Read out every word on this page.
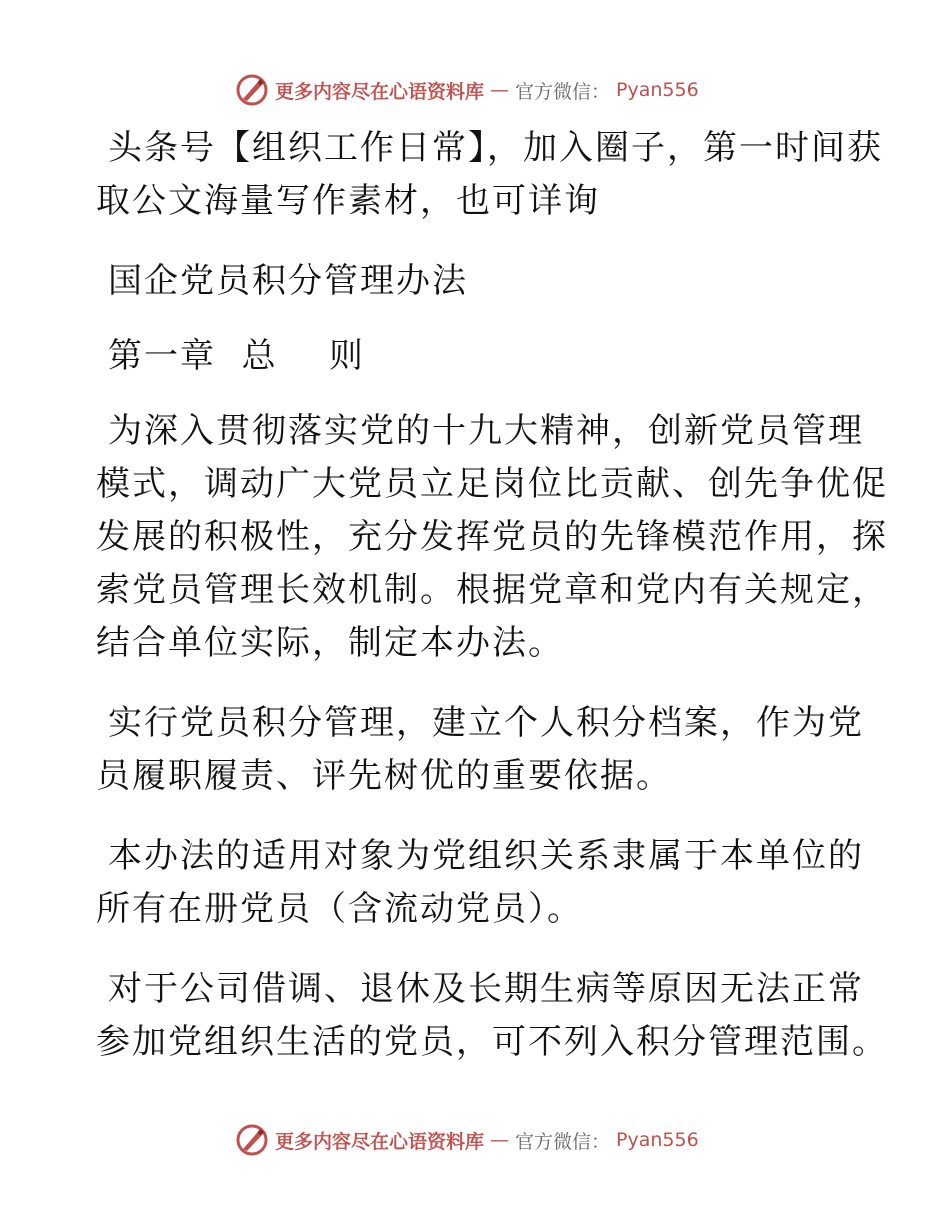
更多内容尽在心语资料库 — 官方微信： Pyan556

头条号【组织工作日常】，加入圈子，第一时间获取公文海量写作素材，也可详询

国企党员积分管理办法

第一章  总    则

为深入贯彻落实党的十九大精神，创新党员管理模式，调动广大党员立足岗位比贡献、创先争优促发展的积极性，充分发挥党员的先锋模范作用，探索党员管理长效机制。根据党章和党内有关规定，结合单位实际，制定本办法。

实行党员积分管理，建立个人积分档案，作为党员履职履责、评先树优的重要依据。

本办法的适用对象为党组织关系隶属于本单位的所有在册党员（含流动党员）。

对于公司借调、退休及长期生病等原因无法正常参加党组织生活的党员，可不列入积分管理范围。

更多内容尽在心语资料库 — 官方微信： Pyan556
